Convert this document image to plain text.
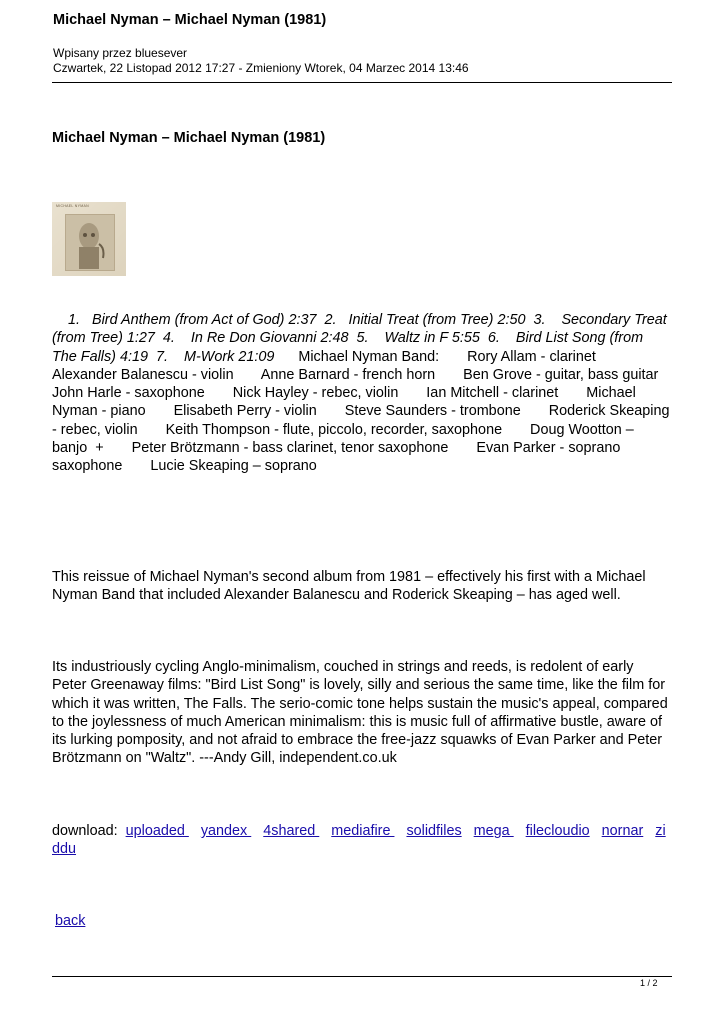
Michael Nyman – Michael Nyman (1981)
Wpisany przez bluesever
Czwartek, 22 Listopad 2012 17:27 - Zmieniony Wtorek, 04 Marzec 2014 13:46
Michael Nyman – Michael Nyman (1981)
MICHAEL NYMAN
1.   Bird Anthem (from Act of God) 2:37  2.   Initial Treat (from Tree) 2:50  3.    Secondary Treat (from Tree) 1:27  4.    In Re Don Giovanni 2:48  5.    Waltz in F 5:55  6.    Bird List Song (from The Falls) 4:19  7.    M-Work 21:09      Michael Nyman Band:       Rory Allam - clarinet       Alexander Balanescu - violin       Anne Barnard - french horn       Ben Grove - guitar, bass guitar       John Harle - saxophone       Nick Hayley - rebec, violin       Ian Mitchell - clarinet       Michael Nyman - piano       Elisabeth Perry - violin       Steve Saunders - trombone       Roderick Skeaping - rebec, violin       Keith Thompson - flute, piccolo, recorder, saxophone       Doug Wootton – banjo  +       Peter Brötzmann - bass clarinet, tenor saxophone       Evan Parker - soprano saxophone       Lucie Skeaping – soprano
This reissue of Michael Nyman's second album from 1981 – effectively his first with a Michael Nyman Band that included Alexander Balanescu and Roderick Skeaping – has aged well.
Its industriously cycling Anglo-minimalism, couched in strings and reeds, is redolent of early Peter Greenaway films: "Bird List Song" is lovely, silly and serious the same time, like the film for which it was written, The Falls. The serio-comic tone helps sustain the music's appeal, compared to the joylessness of much American minimalism: this is music full of affirmative bustle, aware of its lurking pomposity, and not afraid to embrace the free-jazz squawks of Evan Parker and Peter Brötzmann on "Waltz". ---Andy Gill, independent.co.uk
download: uploaded    yandex    4shared    mediafire    solidfiles mega    filecloudio nornar ziddu
back
1 / 2
